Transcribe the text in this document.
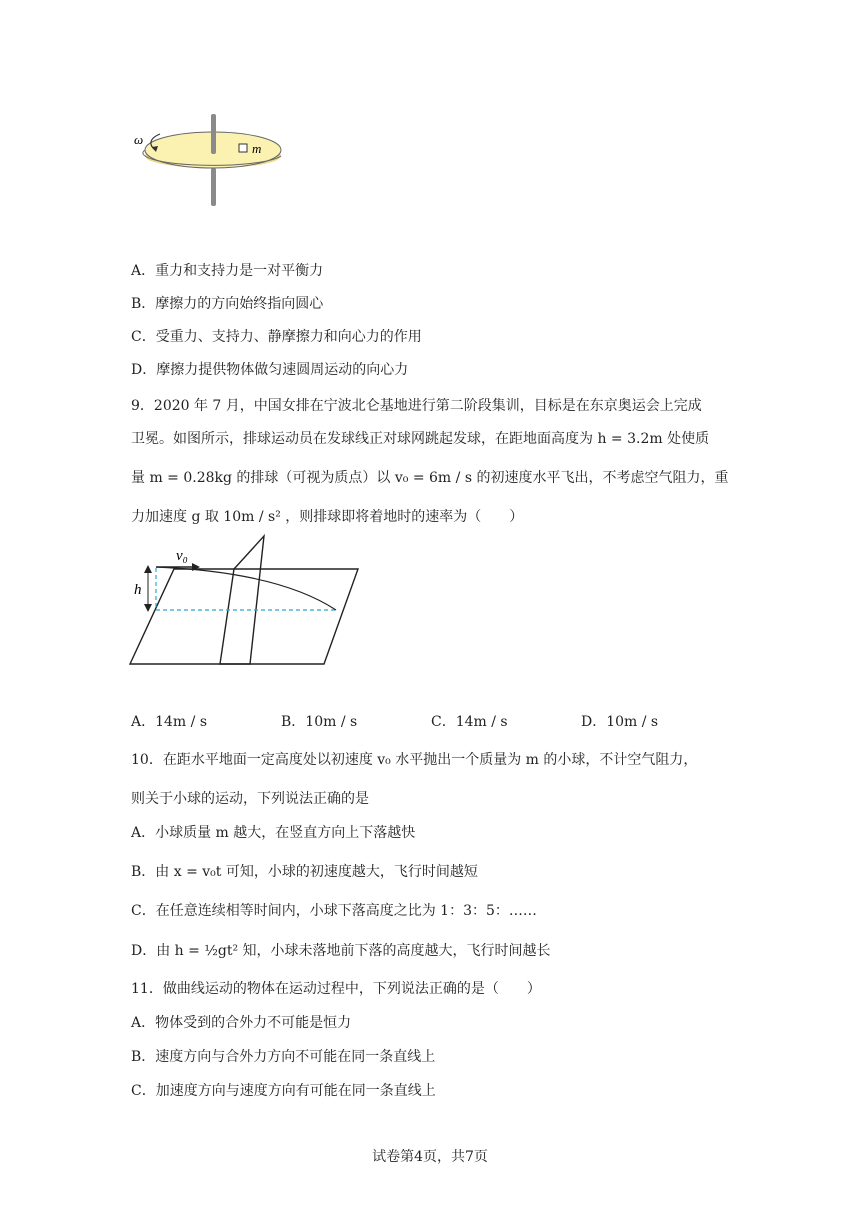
m
ω
A．重力和支持力是一对平衡力
B．摩擦力的方向始终指向圆心
C．受重力、支持力、静摩擦力和向心力的作用
D．摩擦力提供物体做匀速圆周运动的向心力
9．2020 年 7 月，中国女排在宁波北仑基地进行第二阶段集训，目标是在东京奥运会上完成
卫冕。如图所示，排球运动员在发球线正对球网跳起发球，在距地面高度为 h = 3.2m 处使质
量 m = 0.28kg 的排球（可视为质点）以 v₀ = 6m / s 的初速度水平飞出，不考虑空气阻力，重
力加速度 g 取 10m / s² ，则排球即将着地时的速率为（　　）
v₀
h
A．14m / s	B．10m / s	C．14m / s	D．10m / s
10．在距水平地面一定高度处以初速度 v₀ 水平抛出一个质量为 m 的小球，不计空气阻力，
则关于小球的运动，下列说法正确的是
A．小球质量 m 越大，在竖直方向上下落越快
B．由 x = v₀t 可知，小球的初速度越大，飞行时间越短
C．在任意连续相等时间内，小球下落高度之比为 1：3：5：……
D．由 h = ½gt² 知，小球未落地前下落的高度越大，飞行时间越长
11．做曲线运动的物体在运动过程中，下列说法正确的是（　　）
A．物体受到的合外力不可能是恒力
B．速度方向与合外力方向不可能在同一条直线上
C．加速度方向与速度方向有可能在同一条直线上
试卷第4页，共7页
